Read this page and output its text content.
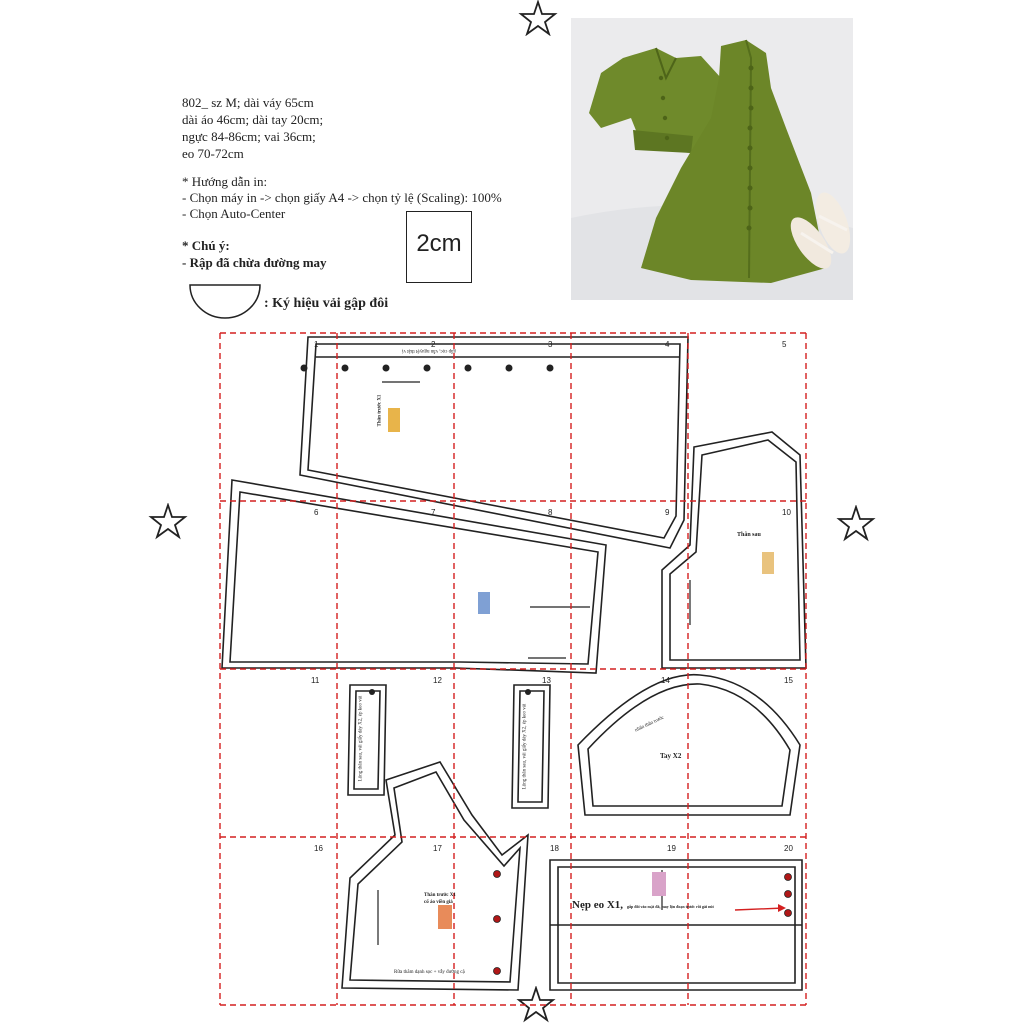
802_ sz M; dài váy 65cm
dài áo 46cm; dài tay 20cm;
ngực 84-86cm; vai 36cm;
eo 70-72cm
* Hướng dẫn in:
- Chọn máy in -> chọn giấy A4 -> chọn tỷ lệ (Scaling): 100%
- Chọn Auto-Center
* Chú ý:
- Rập đã chừa đường may
2cm
: Ký hiệu vải gập đôi
1	2	3	4	5
6	7	8	9	10
11	12	13	14	15
16	17	18	19	20
gấp cọc, vẫn nguyệt thật vị
Thân trước X1
Thân sau
Lộng thân sau, vải giấy dày X2, ép keo vải	Lộng thân sau, vải giấy dày X2, ép keo vải	nhấn thân trước
Tay X2
Thân trước X1
cổ áo viền giả
Rữa thẳm dạnh sọc + vẫy đường cậ
Nẹp eo X1, gấp đôi vào mặt đã, may lộn đoạn trước rồi gài nút
